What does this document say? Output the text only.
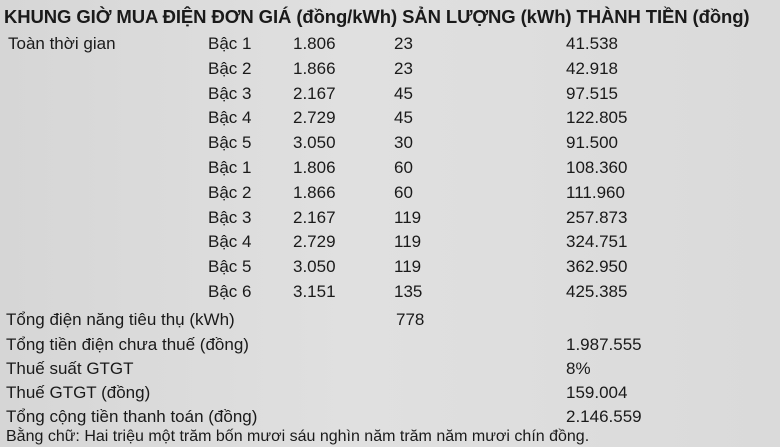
KHUNG GIỜ MUA ĐIỆN ĐƠN GIÁ (đồng/kWh) SẢN LƯỢNG (kWh) THÀNH TIỀN (đồng)
Toàn thời gian	Bậc 1 1.806	23	41.538
Bậc 2 1.866	23	42.918
Bậc 3 2.167	45	97.515
Bậc 4 2.729	45	122.805
Bậc 5 3.050	30	91.500
Bậc 1 1.806	60	108.360
Bậc 2 1.866	60	111.960
Bậc 3 2.167	119	257.873
Bậc 4 2.729	119	324.751
Bậc 5 3.050	119	362.950
Bậc 6 3.151	135	425.385
Tổng điện năng tiêu thụ (kWh)	778
Tổng tiền điện chưa thuế (đồng)	1.987.555
Thuế suất GTGT	8%
Thuế GTGT (đồng)	159.004
Tổng cộng tiền thanh toán (đồng)	2.146.559
Bằng chữ: Hai triệu một trăm bốn mươi sáu nghìn năm trăm năm mươi chín đồng.
